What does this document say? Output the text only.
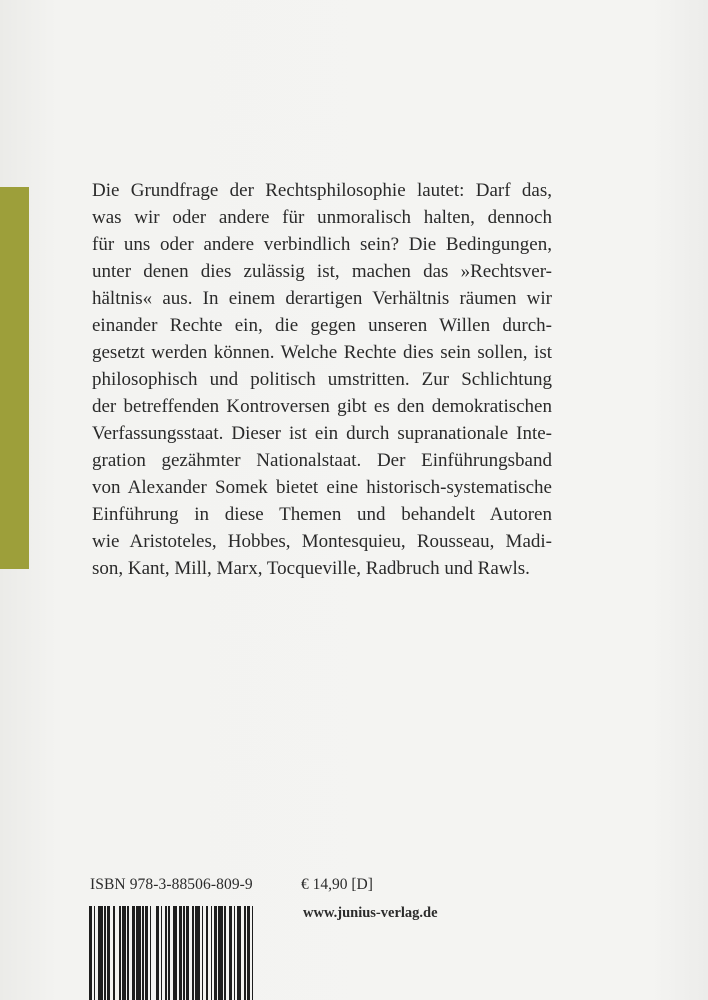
Die Grundfrage der Rechtsphilosophie lautet: Darf das,
was wir oder andere für unmoralisch halten, dennoch
für uns oder andere verbindlich sein? Die Bedingungen,
unter denen dies zulässig ist, machen das »Rechtsver-
hältnis« aus. In einem derartigen Verhältnis räumen wir
einander Rechte ein, die gegen unseren Willen durch-
gesetzt werden können. Welche Rechte dies sein sollen, ist
philosophisch und politisch umstritten. Zur Schlichtung
der betreffenden Kontroversen gibt es den demokratischen
Verfassungsstaat. Dieser ist ein durch supranationale Inte-
gration gezähmter Nationalstaat. Der Einführungsband
von Alexander Somek bietet eine historisch-systematische
Einführung in diese Themen und behandelt Autoren
wie Aristoteles, Hobbes, Montesquieu, Rousseau, Madi-
son, Kant, Mill, Marx, Tocqueville, Radbruch und Rawls.
ISBN 978-3-88506-809-9	€ 14,90 [D]
www.junius-verlag.de
